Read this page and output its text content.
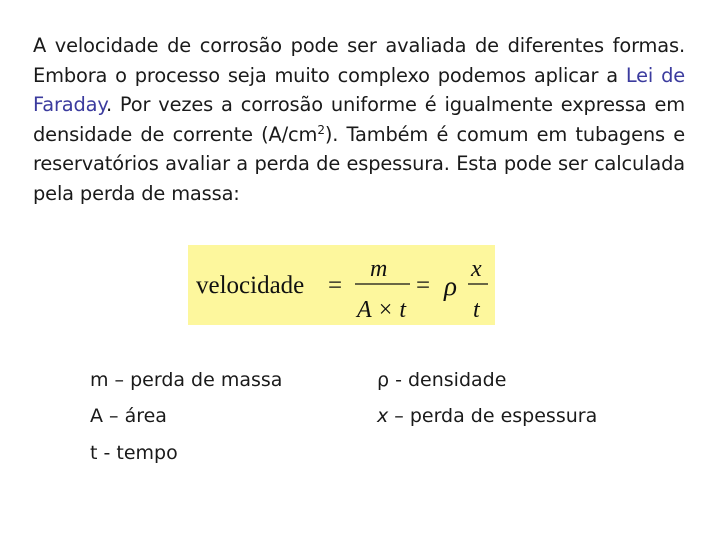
A velocidade de corrosão pode ser avaliada de diferentes formas. Embora o processo seja muito complexo podemos aplicar a Lei de Faraday. Por vezes a corrosão uniforme é igualmente expressa em densidade de corrente $(A/cm^2)$. Também é comum em tubagens e reservatórios avaliar a perda de espessura. Esta pode ser calculada pela perda de massa:
velocidade =
m
A × t
= ρ
x
t
m – perda de massa
A – área
t - tempo
ρ - densidade
x – perda de espessura
